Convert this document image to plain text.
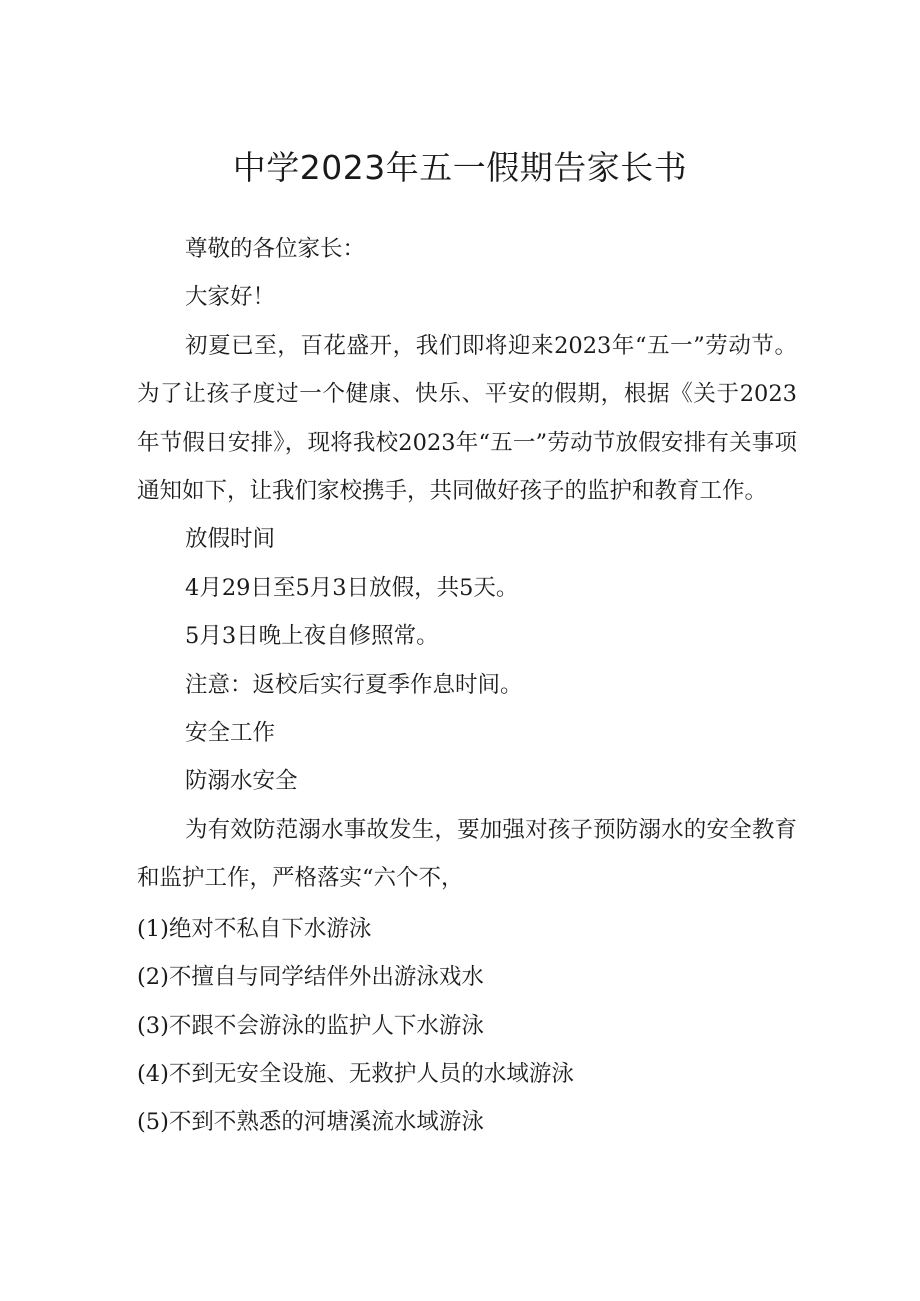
中学2023年五一假期告家长书

尊敬的各位家长：

大家好！

初夏已至，百花盛开，我们即将迎来2023年“五一”劳动节。为了让孩子度过一个健康、快乐、平安的假期，根据《关于2023年节假日安排》，现将我校2023年“五一”劳动节放假安排有关事项通知如下，让我们家校携手，共同做好孩子的监护和教育工作。

放假时间

4月29日至5月3日放假，共5天。

5月3日晚上夜自修照常。

注意：返校后实行夏季作息时间。

安全工作

防溺水安全

为有效防范溺水事故发生，要加强对孩子预防溺水的安全教育和监护工作，严格落实“六个不，

(1)绝对不私自下水游泳

(2)不擅自与同学结伴外出游泳戏水

(3)不跟不会游泳的监护人下水游泳

(4)不到无安全设施、无救护人员的水域游泳

(5)不到不熟悉的河塘溪流水域游泳
